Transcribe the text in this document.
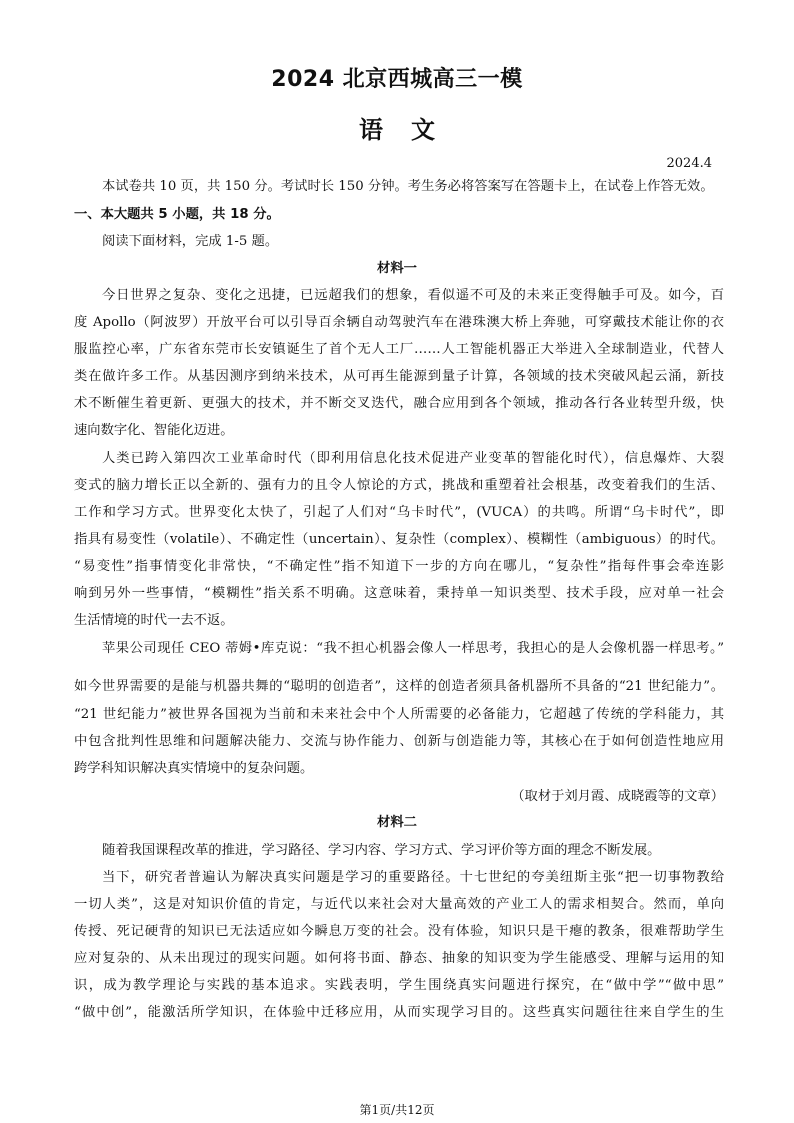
2024 北京西城高三一模
语文
2024.4
本试卷共 10 页，共 150 分。考试时长 150 分钟。考生务必将答案写在答题卡上，在试卷上作答无效。
一、本大题共 5 小题，共 18 分。
阅读下面材料，完成 1-5 题。
材料一
今日世界之复杂、变化之迅捷，已远超我们的想象，看似遥不可及的未来正变得触手可及。如今，百
度 Apollo（阿波罗）开放平台可以引导百余辆自动驾驶汽车在港珠澳大桥上奔驰，可穿戴技术能让你的衣
服监控心率，广东省东莞市长安镇诞生了首个无人工厂……人工智能机器正大举进入全球制造业，代替人
类在做许多工作。从基因测序到纳米技术，从可再生能源到量子计算，各领域的技术突破风起云涌，新技
术不断催生着更新、更强大的技术，并不断交叉迭代，融合应用到各个领域，推动各行各业转型升级，快
速向数字化、智能化迈进。
人类已跨入第四次工业革命时代（即利用信息化技术促进产业变革的智能化时代），信息爆炸、大裂
变式的脑力增长正以全新的、强有力的且令人惊论的方式，挑战和重塑着社会根基，改变着我们的生活、
工作和学习方式。世界变化太快了，引起了人们对“乌卡时代”，(VUCA）的共鸣。所谓“乌卡时代”，即
指具有易变性（volatile）、不确定性（uncertain）、复杂性（complex）、模糊性（ambiguous）的时代。
“易变性”指事情变化非常快，“不确定性”指不知道下一步的方向在哪儿，“复杂性”指每件事会牵连影
响到另外一些事情，“模糊性”指关系不明确。这意味着，秉持单一知识类型、技术手段，应对单一社会
生活情境的时代一去不返。
苹果公司现任 CEO 蒂姆•库克说：“我不担心机器会像人一样思考，我担心的是人会像机器一样思考。”
如今世界需要的是能与机器共舞的“聪明的创造者”，这样的创造者须具备机器所不具备的“21 世纪能力”。
“21 世纪能力”被世界各国视为当前和未来社会中个人所需要的必备能力，它超越了传统的学科能力，其
中包含批判性思维和问题解决能力、交流与协作能力、创新与创造能力等，其核心在于如何创造性地应用
跨学科知识解决真实情境中的复杂问题。
（取材于刘月霞、成晓霞等的文章）
材料二
随着我国课程改革的推进，学习路径、学习内容、学习方式、学习评价等方面的理念不断发展。
当下，研究者普遍认为解决真实问题是学习的重要路径。十七世纪的夸美纽斯主张“把一切事物教给
一切人类”，这是对知识价值的肯定，与近代以来社会对大量高效的产业工人的需求相契合。然而，单向
传授、死记硬背的知识已无法适应如今瞬息万变的社会。没有体验，知识只是干瘪的教条，很难帮助学生
应对复杂的、从未出现过的现实问题。如何将书面、静态、抽象的知识变为学生能感受、理解与运用的知
识，成为教学理论与实践的基本追求。实践表明，学生围绕真实问题进行探究，在“做中学”“做中思”
“做中创”，能激活所学知识，在体验中迁移应用，从而实现学习目的。这些真实问题往往来自学生的生
第1页/共12页
